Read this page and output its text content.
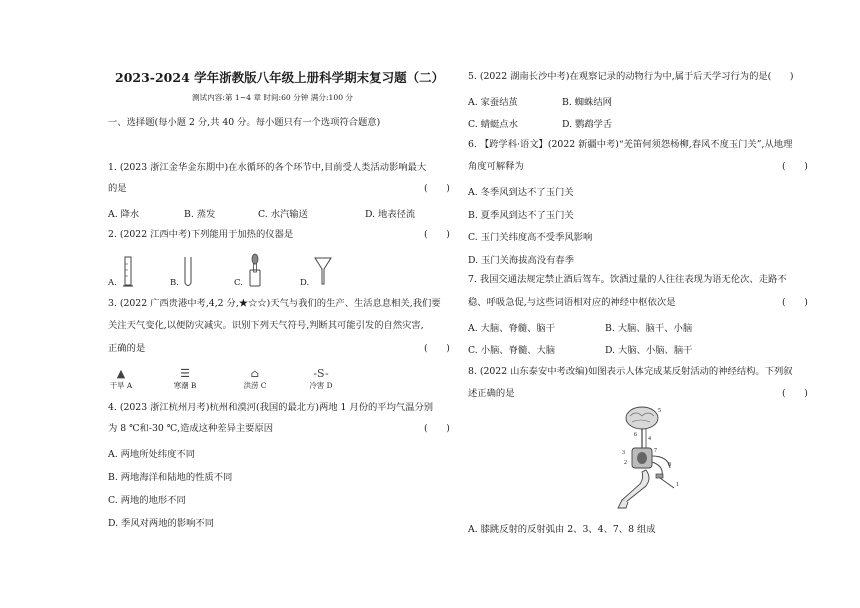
2023-2024 学年浙教版八年级上册科学期末复习题（二）
测试内容:第 1~4 章 时间:60 分钟 满分:100 分
一、选择题(每小题 2 分,共 40 分。每小题只有一个选项符合题意)
1. (2023 浙江金华金东期中)在水循环的各个环节中,目前受人类活动影响最大
的是	(　　)
A. 降水	B. 蒸发	C. 水汽输送	D. 地表径流
2. (2022 江西中考)下列能用于加热的仪器是	(　　)
A.	B.	C.	D.
3. (2022 广西贵港中考,4,2 分,★☆☆)天气与我们的生产、生活息息相关,我们要
关注天气变化,以便防灾减灾。识别下列天气符号,判断其可能引发的自然灾害,
正确的是	(　　)
▲
干旱 A
☰
寒潮 B
⌂
洪涝 C
-S-
冷害 D
4. (2023 浙江杭州月考)杭州和漠河(我国的最北方)两地 1 月份的平均气温分别
为 8 ℃和-30 ℃,造成这种差异主要原因	(　　)
A. 两地所处纬度不同
B. 两地海洋和陆地的性质不同
C. 两地的地形不同
D. 季风对两地的影响不同
5. (2022 湖南长沙中考)在观察记录的动物行为中,属于后天学习行为的是(　　)
A. 家蚕结茧	B. 蜘蛛结网
C. 蜻蜓点水	D. 鹦鹉学舌
6. 【跨学科·语文】(2022 新疆中考)“羌笛何须怨杨柳,春风不度玉门关”,从地理
角度可解释为	(　　)
A. 冬季风到达不了玉门关
B. 夏季风到达不了玉门关
C. 玉门关纬度高不受季风影响
D. 玉门关海拔高没有春季
7. 我国交通法规定禁止酒后驾车。饮酒过量的人往往表现为语无伦次、走路不
稳、呼吸急促,与这些词语相对应的神经中枢依次是	(　　)
A. 大脑、脊髓、脑干	B. 大脑、脑干、小脑
C. 小脑、脊髓、大脑	D. 大脑、小脑、脑干
8. (2022 山东泰安中考改编)如图表示人体完成某反射活动的神经结构。下列叙
述正确的是	(　　)
5
6
4
3
2
7
8
1
A. 膝跳反射的反射弧由 2、3、4、7、8 组成
